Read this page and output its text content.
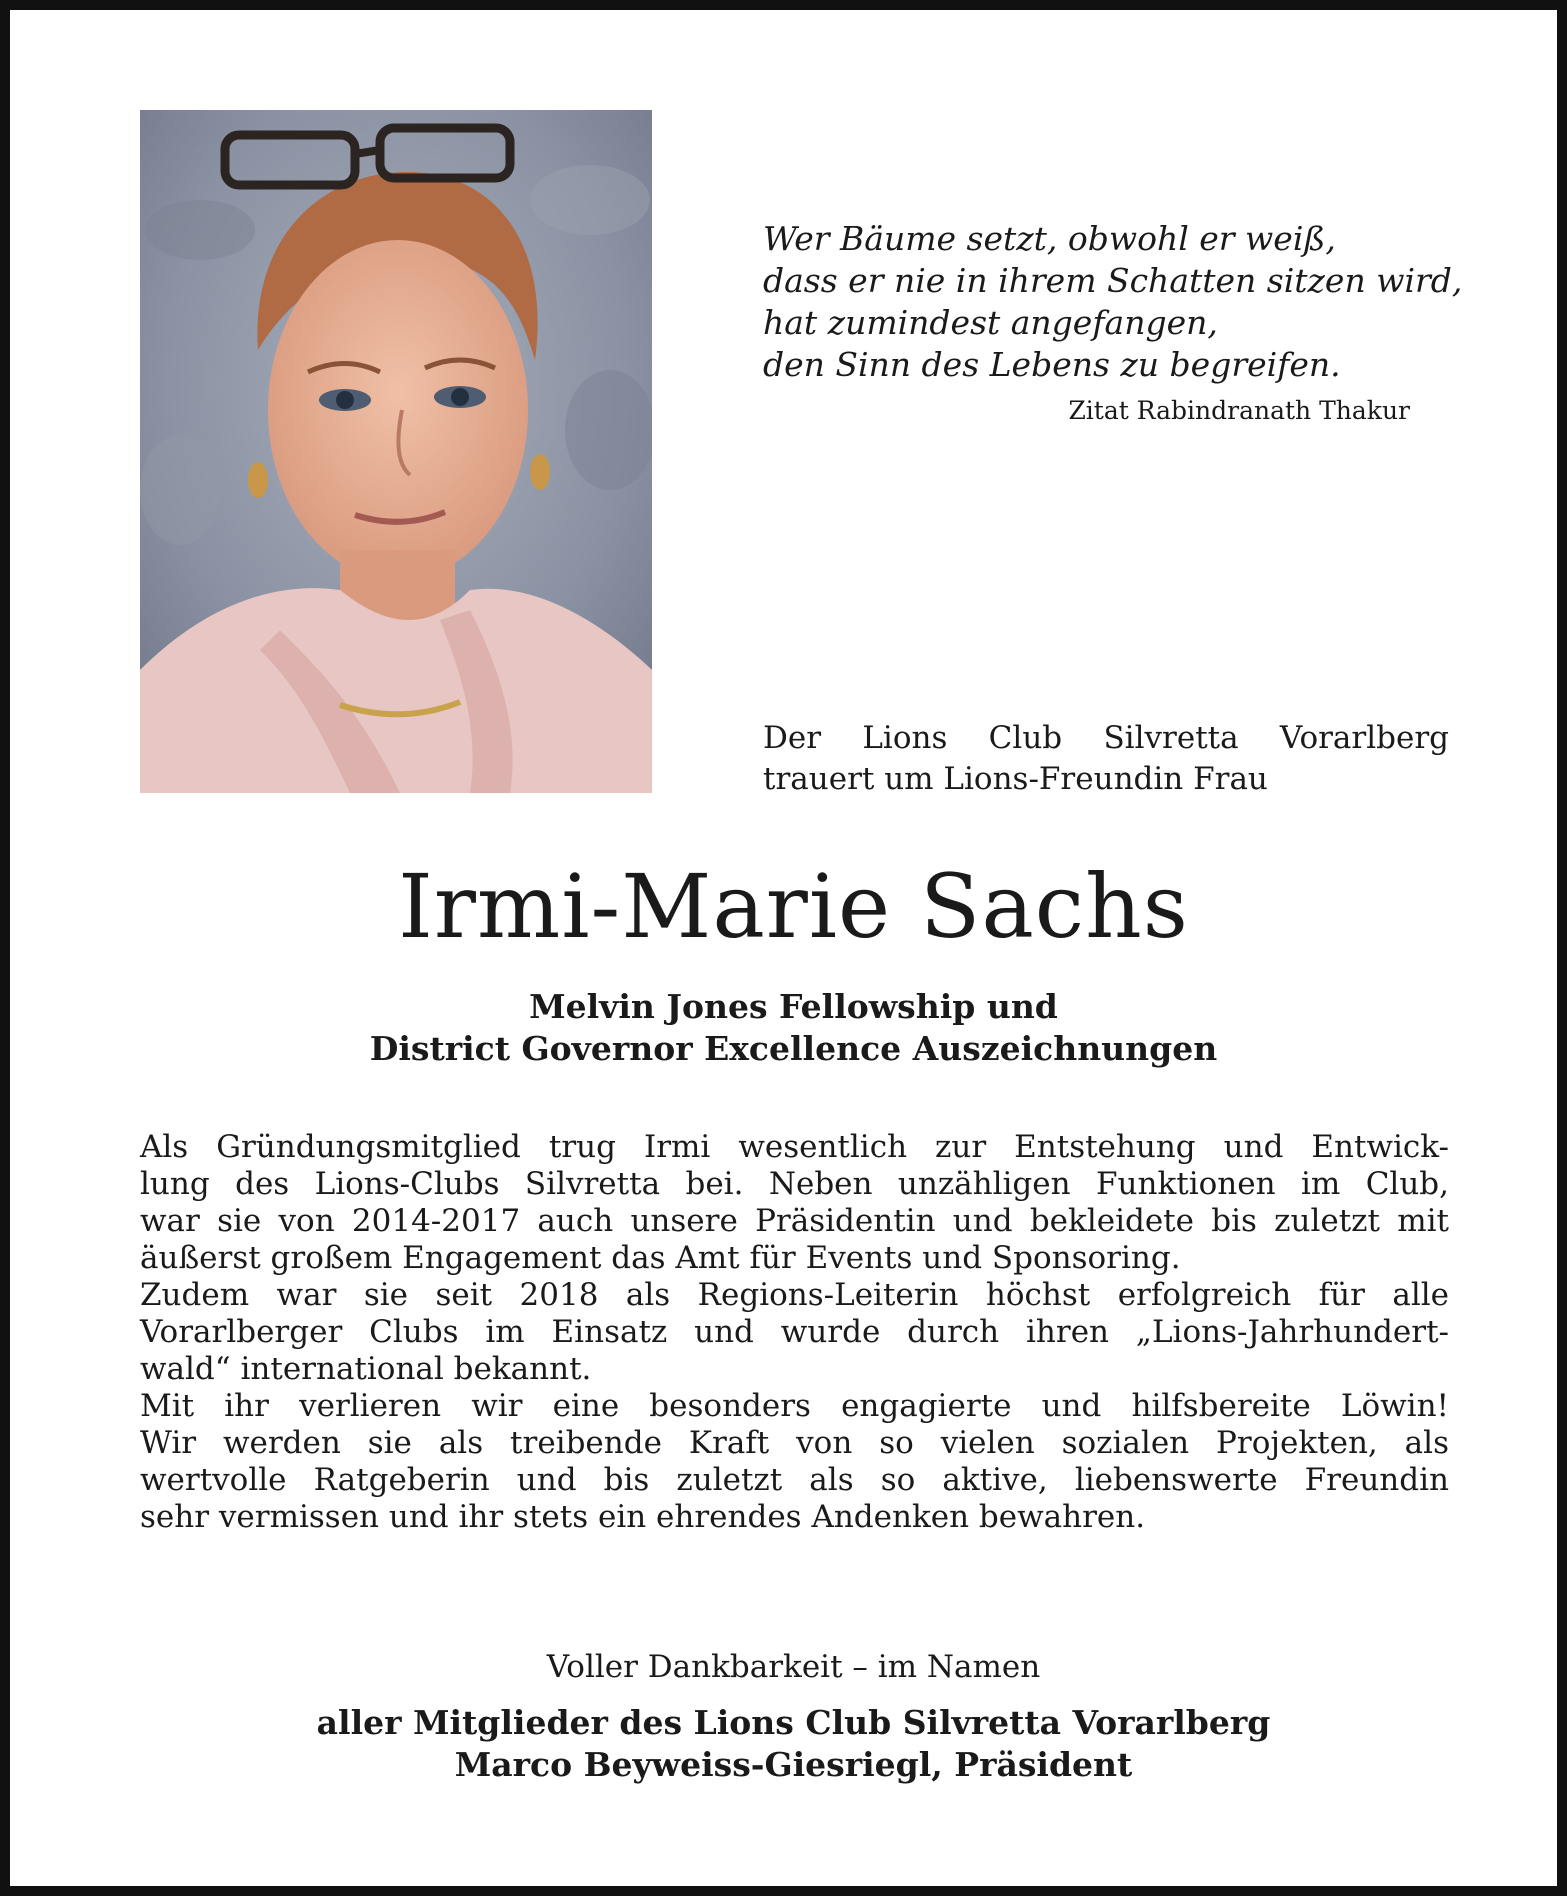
Wer Bäume setzt, obwohl er weiß,
dass er nie in ihrem Schatten sitzen wird,
hat zumindest angefangen,
den Sinn des Lebens zu begreifen.
Zitat Rabindranath Thakur
Der Lions Club Silvretta Vorarlberg
trauert um Lions-Freundin Frau
Irmi-Marie Sachs
Melvin Jones Fellowship und
District Governor Excellence Auszeichnungen
Als Gründungsmitglied trug Irmi wesentlich zur Entstehung und Entwick-
lung des Lions-Clubs Silvretta bei. Neben unzähligen Funktionen im Club,
war sie von 2014-2017 auch unsere Präsidentin und bekleidete bis zuletzt mit
äußerst großem Engagement das Amt für Events und Sponsoring.
Zudem war sie seit 2018 als Regions-Leiterin höchst erfolgreich für alle
Vorarlberger Clubs im Einsatz und wurde durch ihren „Lions-Jahrhundert-
wald“ international bekannt.
Mit ihr verlieren wir eine besonders engagierte und hilfsbereite Löwin!
Wir werden sie als treibende Kraft von so vielen sozialen Projekten, als
wertvolle Ratgeberin und bis zuletzt als so aktive, liebenswerte Freundin
sehr vermissen und ihr stets ein ehrendes Andenken bewahren.
Voller Dankbarkeit – im Namen
aller Mitglieder des Lions Club Silvretta Vorarlberg
Marco Beyweiss-Giesriegl, Präsident
